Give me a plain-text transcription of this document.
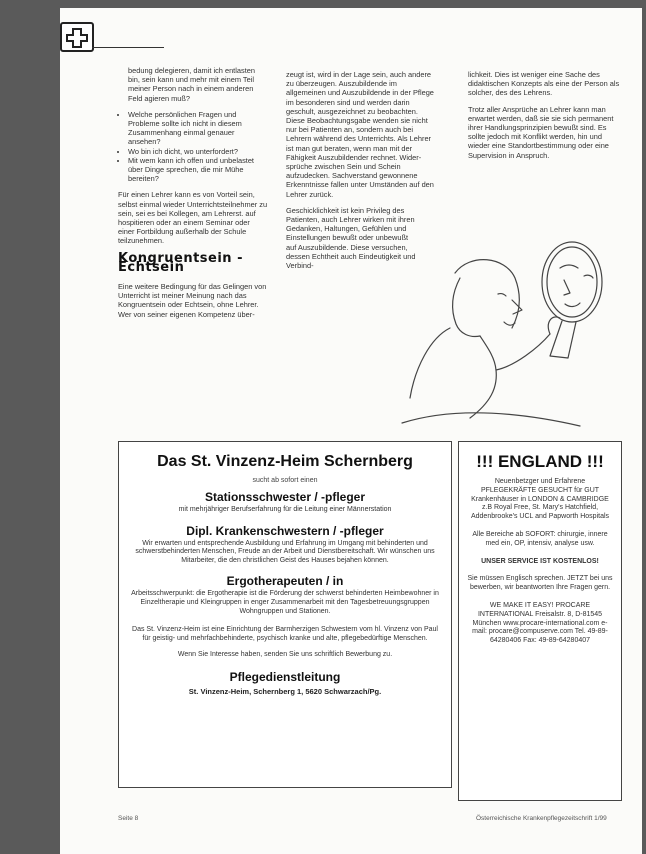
bedung delegieren, damit ich entlasten bin, sein kann und mehr mit einem Teil meiner Person nach in einem anderen Feld agieren muß?

• Welche persönlichen Fragen und Probleme sollte ich nicht in diesem Zusammenhang einmal genauer ansehen?
• Wo bin ich dicht, wo unterfordert?
• Mit wem kann ich offen und unbelastet über Dinge sprechen, die mir Mühe bereiten?

Für einen Lehrer kann es von Vorteil sein, selbst einmal wieder Unterrichtsteilnehmer zu sein, sei es bei Kollegen, am Lehrerst. auf hospitieren oder an einem Seminar oder einer Fortbildung außerhalb der Schule teilzunehmen.

Kongruentsein - Echtsein

Eine weitere Bedingung für das Gelingen von Unterricht ist meiner Meinung nach das Kongruentsein oder Echtsein, ohne Lehrer. Wer von seiner eigenen Kompetenz über-

zeugt ist, wird in der Lage sein, auch andere zu überzeugen. Auszubildende im allgemeinen und Auszubildende in der Pflege im besonderen sind und werden darin geschult, ausgezeichnet zu beobachten. Diese Beobachtungsgabe wenden sie nicht nur bei Patienten an, sondern auch bei Lehrern während des Unterrichts. Als Lehrer ist man gut beraten, wenn man mit der Fähigkeit Auszubildender rechnet. Widersprüche zwischen Sein und Schein aufzudecken. Sachverstand gewonnene Erkenntnisse fallen unter Umständen auf den Lehrer zurück.

Geschicklichkeit ist kein Privileg des Patienten, auch Lehrer wirken mit ihren Gedanken, Haltungen, Gefühlen und Einstellungen bewußt oder unbewußt auf Auszubildende. Diese versuchen, dessen Echtheit auch Eindeutigkeit und Verbind-

lichkeit. Dies ist weniger eine Sache des didaktischen Konzepts als eine der Person als solcher, des des Lehrens.

Trotz aller Ansprüche an Lehrer kann man erwartet werden, daß sie sie sich permanent ihrer Handlungsprinzipien bewußt sind. Es sollte jedoch mit Konflikt werden, hin und wieder eine Standortbestimmung oder eine Supervision in Anspruch.

Das St. Vinzenz-Heim Schernberg
sucht ab sofort einen
Stationsschwester / -pfleger
mit mehrjähriger Berufserfahrung für die Leitung einer Männerstation
Dipl. Krankenschwestern / -pfleger
Wir erwarten und entsprechende Ausbildung und Erfahrung im Umgang mit behinderten und schwerstbehinderten Menschen, Freude an der Arbeit und Dienstbereitschaft. Wir wünschen uns Mitarbeiter, die den christlichen Geist des Hauses bejahen können.
Ergotherapeuten / in
Arbeitsschwerpunkt: die Ergotherapie ist die Förderung der schwerst behinderten Heimbewohner in Einzeltherapie und Kleingruppen in enger Zusammenarbeit mit den Tagesbetreuungsgruppen Wohngruppen und Stationen.
Das St. Vinzenz-Heim ist eine Einrichtung der Barmherzigen Schwestern vom hl. Vinzenz von Paul für geistig- und mehrfachbehinderte, psychisch kranke und alte, pflegebedürftige Menschen.
Wenn Sie Interesse haben, senden Sie uns schriftlich Bewerbung zu.
Pflegedienstleitung
St. Vinzenz-Heim, Schernberg 1, 5620 Schwarzach/Pg.
!!! ENGLAND !!!
Neuenbetzger und Erfahrene PFLEGEKRÄFTE GESUCHT für GUT Krankenhäuser in LONDON & CAMBRIDGE z.B Royal Free, St. Mary's Hatchfield, Addenbrooke's UCL and Papworth Hospitals
Alle Bereiche ab SOFORT: chirurgie, innere med ein, OP, intensiv, analyse usw.
UNSER SERVICE IST KOSTENLOS!
Sie müssen Englisch sprechen. JETZT bei uns bewerben, wir beantworten Ihre Fragen gern.
WE MAKE IT EASY! PROCARE INTERNATIONAL Freisalstr. 8, D-81545 München www.procare-international.com e-mail: procare@compuserve.com Tel. 49-89-64280406 Fax: 49-89-64280407
Seite 8	Österreichische Krankenpflegezeitschrift 1/99
